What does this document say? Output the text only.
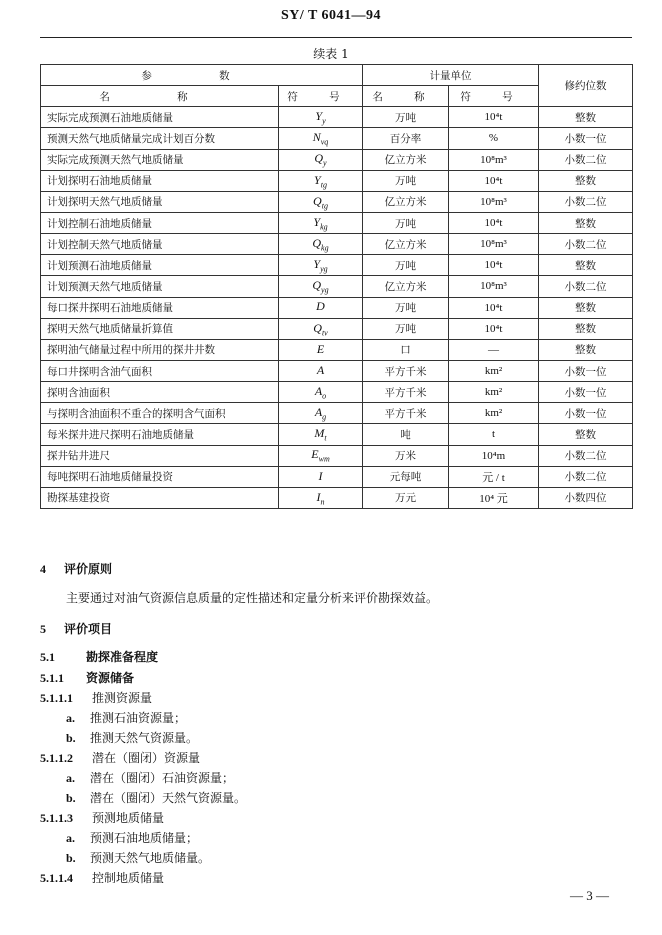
SY/ T 6041—94
续表 1
参 数		计量单位		修约位数
名 称	符 号	名 称	符 号	
实际完成预测石油地质储量	$Y_y$	万吨	10⁴t	整数
预测天然气地质储量完成计划百分数	$N_{vq}$	百分率	%	小数一位
实际完成预测天然气地质储量	$Q_y$	亿立方米	10⁸m³	小数二位
计划探明石油地质储量	$Y_{tg}$	万吨	10⁴t	整数
计划探明天然气地质储量	$Q_{tg}$	亿立方米	10⁸m³	小数二位
计划控制石油地质储量	$Y_{kg}$	万吨	10⁴t	整数
计划控制天然气地质储量	$Q_{kg}$	亿立方米	10⁸m³	小数二位
计划预测石油地质储量	$Y_{yg}$	万吨	10⁴t	整数
计划预测天然气地质储量	$Q_{yg}$	亿立方米	10⁸m³	小数二位
每口探井探明石油地质储量	D	万吨	10⁴t	整数
探明天然气地质储量折算值	$Q_{tv}$	万吨	10⁴t	整数
探明油气储量过程中所用的探井井数	E	口	—	整数
每口井探明含油气面积	A	平方千米	km²	小数一位
探明含油面积	$A_o$	平方千米	km²	小数一位
与探明含油面积不重合的探明含气面积	$A_g$	平方千米	km²	小数一位
每米探井进尺探明石油地质储量	$M_t$	吨	t	整数
探井钻井进尺	$E_{wm}$	万米	10⁴m	小数二位
每吨探明石油地质储量投资	I	元每吨	元 / t	小数二位
勘探基建投资	$I_n$	万元	10⁴ 元	小数四位
4 评价原则
主要通过对油气资源信息质量的定性描述和定量分析来评价勘探效益。
5 评价项目
5.1	勘探准备程度
5.1.1 资源储备
5.1.1.1 推测资源量
a. 推测石油资源量；
b. 推测天然气资源量。
5.1.1.2 潜在（圈闭）资源量
a. 潜在（圈闭）石油资源量；
b. 潜在（圈闭）天然气资源量。
5.1.1.3 预测地质储量
a. 预测石油地质储量；
b. 预测天然气地质储量。
5.1.1.4 控制地质储量
— 3 —
